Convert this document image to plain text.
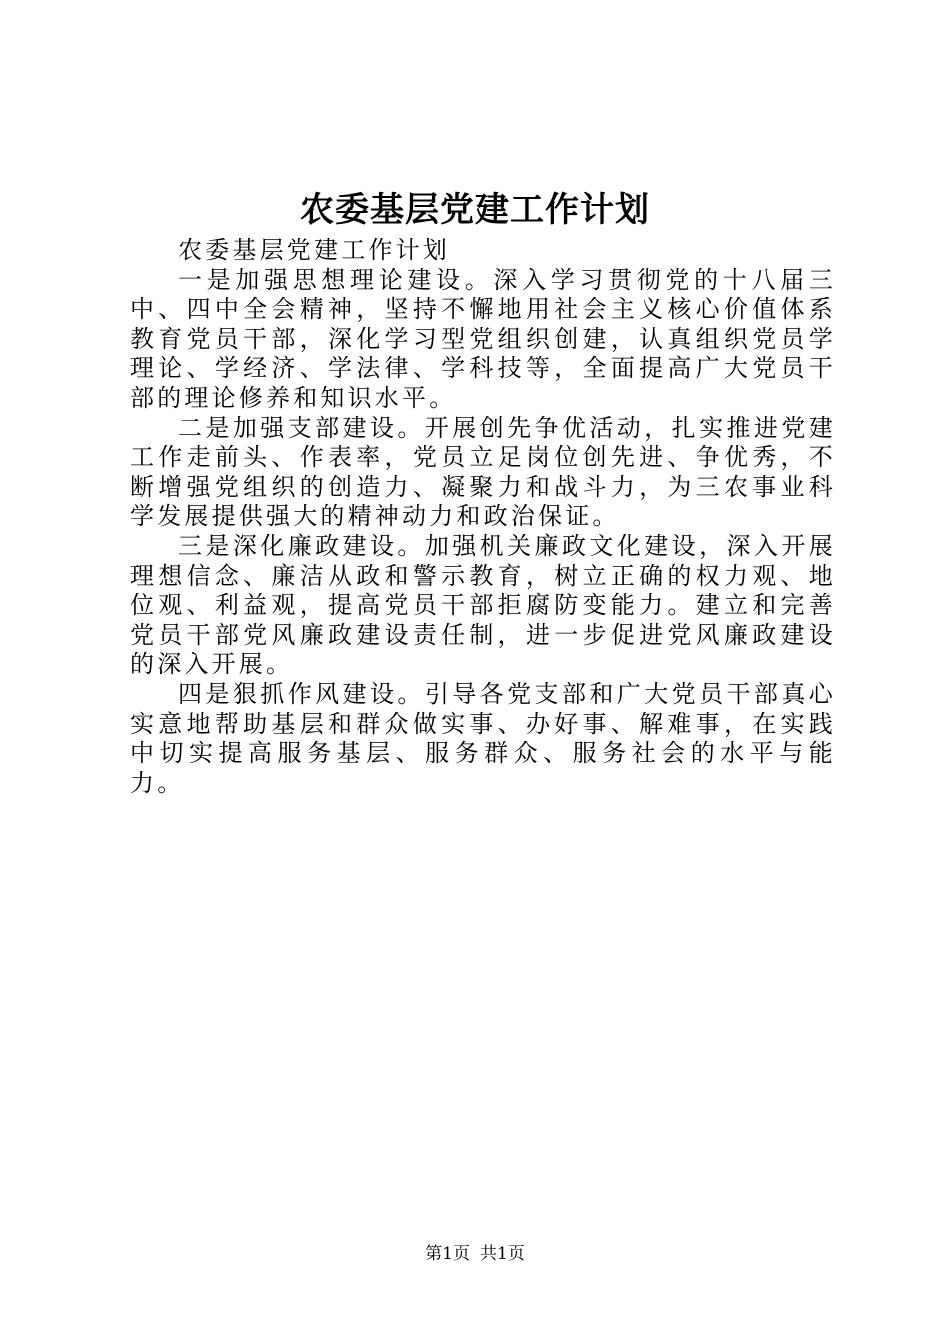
农委基层党建工作计划

农委基层党建工作计划

一是加强思想理论建设。深入学习贯彻党的十八届三中、四中全会精神，坚持不懈地用社会主义核心价值体系教育党员干部，深化学习型党组织创建，认真组织党员学理论、学经济、学法律、学科技等，全面提高广大党员干部的理论修养和知识水平。

二是加强支部建设。开展创先争优活动，扎实推进党建工作走前头、作表率，党员立足岗位创先进、争优秀，不断增强党组织的创造力、凝聚力和战斗力，为三农事业科学发展提供强大的精神动力和政治保证。

三是深化廉政建设。加强机关廉政文化建设，深入开展理想信念、廉洁从政和警示教育，树立正确的权力观、地位观、利益观，提高党员干部拒腐防变能力。建立和完善党员干部党风廉政建设责任制，进一步促进党风廉政建设的深入开展。

四是狠抓作风建设。引导各党支部和广大党员干部真心实意地帮助基层和群众做实事、办好事、解难事，在实践中切实提高服务基层、服务群众、服务社会的水平与能力。

第1页 共1页
